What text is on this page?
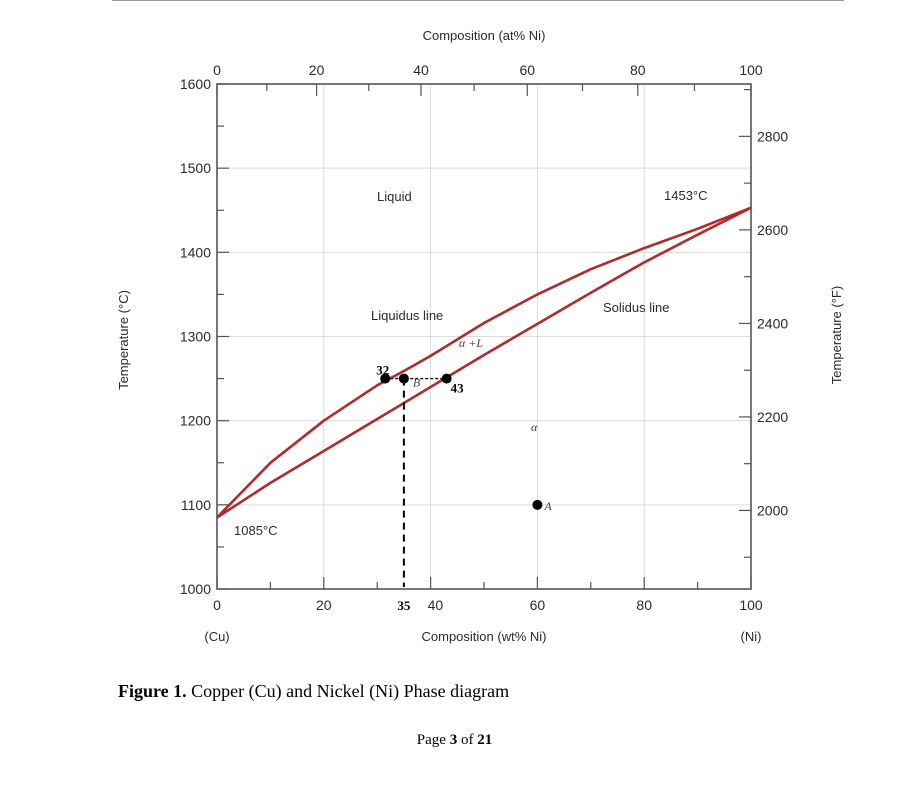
0	20	60	80	100
40
0	20	40	60	80	100
1000
1100
1200
1300
1400
1500
1600
2000
2200
2400
2600
2800
35
A
32
B 43
Composition (at% Ni)
Composition (wt% Ni)
(Cu)	(Ni)
Temperature (°C)	Temperature (°F)
Liquid
Liquidus line
Solidus line
α +L
α
1453°C
1085°C
Figure 1. Copper (Cu) and Nickel (Ni) Phase diagram
Page 3 of 21
